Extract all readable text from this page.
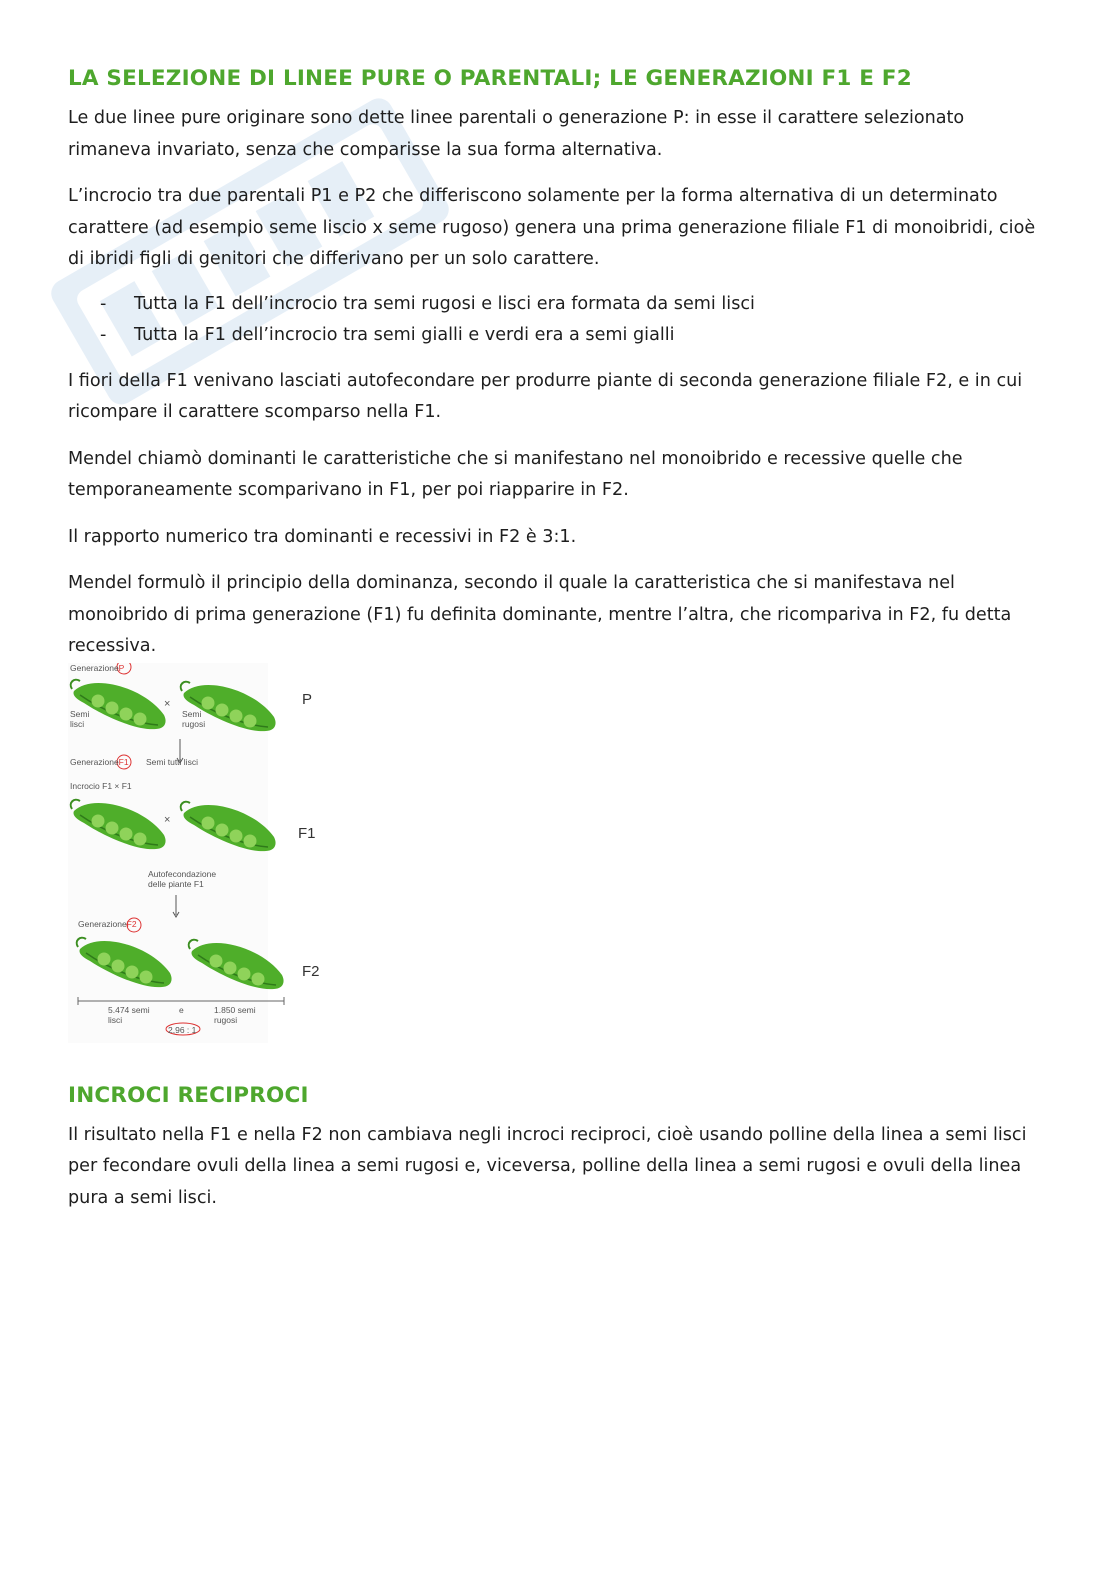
LA SELEZIONE DI LINEE PURE O PARENTALI; LE GENERAZIONI F1 E F2

Le due linee pure originare sono dette linee parentali o generazione P: in esse il carattere selezionato rimaneva invariato, senza che comparisse la sua forma alternativa.

L’incrocio tra due parentali P1 e P2 che differiscono solamente per la forma alternativa di un determinato carattere (ad esempio seme liscio x seme rugoso) genera una prima generazione filiale F1 di monoibridi, cioè di ibridi figli di genitori che differivano per un solo carattere.

- Tutta la F1 dell’incrocio tra semi rugosi e lisci era formata da semi lisci
- Tutta la F1 dell’incrocio tra semi gialli e verdi era a semi gialli

I fiori della F1 venivano lasciati autofecondare per produrre piante di seconda generazione filiale F2, e in cui ricompare il carattere scomparso nella F1.

Mendel chiamò dominanti le caratteristiche che si manifestano nel monoibrido e recessive quelle che temporaneamente scomparivano in F1, per poi riapparire in F2.

Il rapporto numerico tra dominanti e recessivi in F2 è 3:1.

Mendel formulò il principio della dominanza, secondo il quale la caratteristica che si manifestava nel monoibrido di prima generazione (F1) fu definita dominante, mentre l’altra, che ricompariva in F2, fu detta recessiva.

GenerazioneP
Semi
lisci
×
Semi
rugosi
GenerazioneF1 Semi tutti lisci
Incrocio F1 × F1
×
Autofecondazione
delle piante F1
GenerazioneF2
5.474 semi
lisci
e	1.850 semi
rugosi
2,96 : 1
P
F1
F2
INCROCI RECIPROCI

Il risultato nella F1 e nella F2 non cambiava negli incroci reciproci, cioè usando polline della linea a semi lisci per fecondare ovuli della linea a semi rugosi e, viceversa, polline della linea a semi rugosi e ovuli della linea pura a semi lisci.
